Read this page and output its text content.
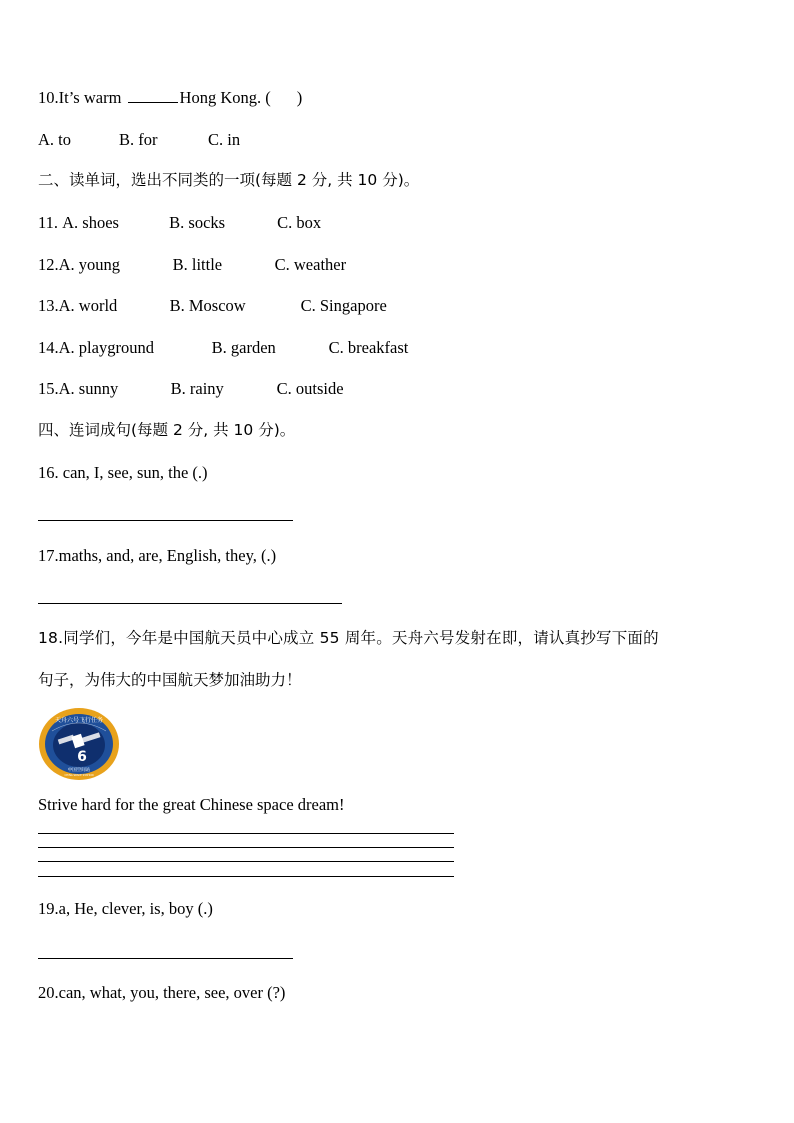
10.It’s warm	Hong Kong. ( )
A. to	B. for	C. in
二、读单词，选出不同类的一项(每题 2 分, 共 10 分)。
11. A. shoes	B. socks	C. box
12.A. young	B. little	C. weather
13.A. world	B. Moscow	C. Singapore
14.A. playground	B. garden	C. breakfast
15.A. sunny	B. rainy	C. outside
四、连词成句(每题 2 分, 共 10 分)。
16. can, I, see, sun, the (.)
17.maths, and, are, English, they, (.)
18.同学们，今年是中国航天员中心成立 55 周年。天舟六号发射在即，请认真抄写下面的
句子，为伟大的中国航天梦加油助力！
天舟六号飞行任务
6
中国空间站
CHINA SPACE STATION
Strive hard for the great Chinese space dream!
19.a, He, clever, is, boy (.)
20.can, what, you, there, see, over (?)
